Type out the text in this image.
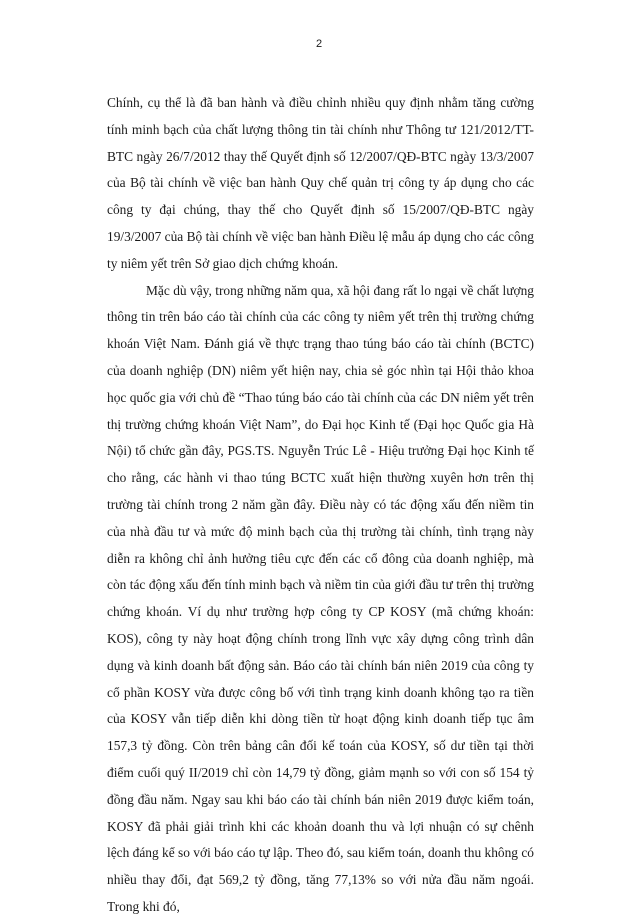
2

Chính, cụ thể là đã ban hành và điều chỉnh nhiều quy định nhằm tăng cường tính minh bạch của chất lượng thông tin tài chính như Thông tư 121/2012/TT-BTC ngày 26/7/2012 thay thế Quyết định số 12/2007/QĐ-BTC ngày 13/3/2007 của Bộ tài chính về việc ban hành Quy chế quản trị công ty áp dụng cho các công ty đại chúng, thay thế cho Quyết định số 15/2007/QĐ-BTC ngày 19/3/2007 của Bộ tài chính về việc ban hành Điều lệ mẫu áp dụng cho các công ty niêm yết trên Sở giao dịch chứng khoán.

Mặc dù vậy, trong những năm qua, xã hội đang rất lo ngại về chất lượng thông tin trên báo cáo tài chính của các công ty niêm yết trên thị trường chứng khoán Việt Nam. Đánh giá về thực trạng thao túng báo cáo tài chính (BCTC) của doanh nghiệp (DN) niêm yết hiện nay, chia sẻ góc nhìn tại Hội thảo khoa học quốc gia với chủ đề “Thao túng báo cáo tài chính của các DN niêm yết trên thị trường chứng khoán Việt Nam”, do Đại học Kinh tế (Đại học Quốc gia Hà Nội) tổ chức gần đây, PGS.TS. Nguyễn Trúc Lê - Hiệu trưởng Đại học Kinh tế cho rằng, các hành vi thao túng BCTC xuất hiện thường xuyên hơn trên thị trường tài chính trong 2 năm gần đây. Điều này có tác động xấu đến niềm tin của nhà đầu tư và mức độ minh bạch của thị trường tài chính, tình trạng này diễn ra không chỉ ảnh hưởng tiêu cực đến các cổ đông của doanh nghiệp, mà còn tác động xấu đến tính minh bạch và niềm tin của giới đầu tư trên thị trường chứng khoán. Ví dụ như trường hợp công ty CP KOSY (mã chứng khoán: KOS), công ty này hoạt động chính trong lĩnh vực xây dựng công trình dân dụng và kinh doanh bất động sản. Báo cáo tài chính bán niên 2019 của công ty cổ phần KOSY vừa được công bố với tình trạng kinh doanh không tạo ra tiền của KOSY vẫn tiếp diễn khi dòng tiền từ hoạt động kinh doanh tiếp tục âm 157,3 tỷ đồng. Còn trên bảng cân đối kế toán của KOSY, số dư tiền tại thời điểm cuối quý II/2019 chỉ còn 14,79 tỷ đồng, giảm mạnh so với con số 154 tỷ đồng đầu năm. Ngay sau khi báo cáo tài chính bán niên 2019 được kiểm toán, KOSY đã phải giải trình khi các khoản doanh thu và lợi nhuận có sự chênh lệch đáng kể so với báo cáo tự lập. Theo đó, sau kiểm toán, doanh thu không có nhiều thay đổi, đạt 569,2 tỷ đồng, tăng 77,13% so với nửa đầu năm ngoái. Trong khi đó,
